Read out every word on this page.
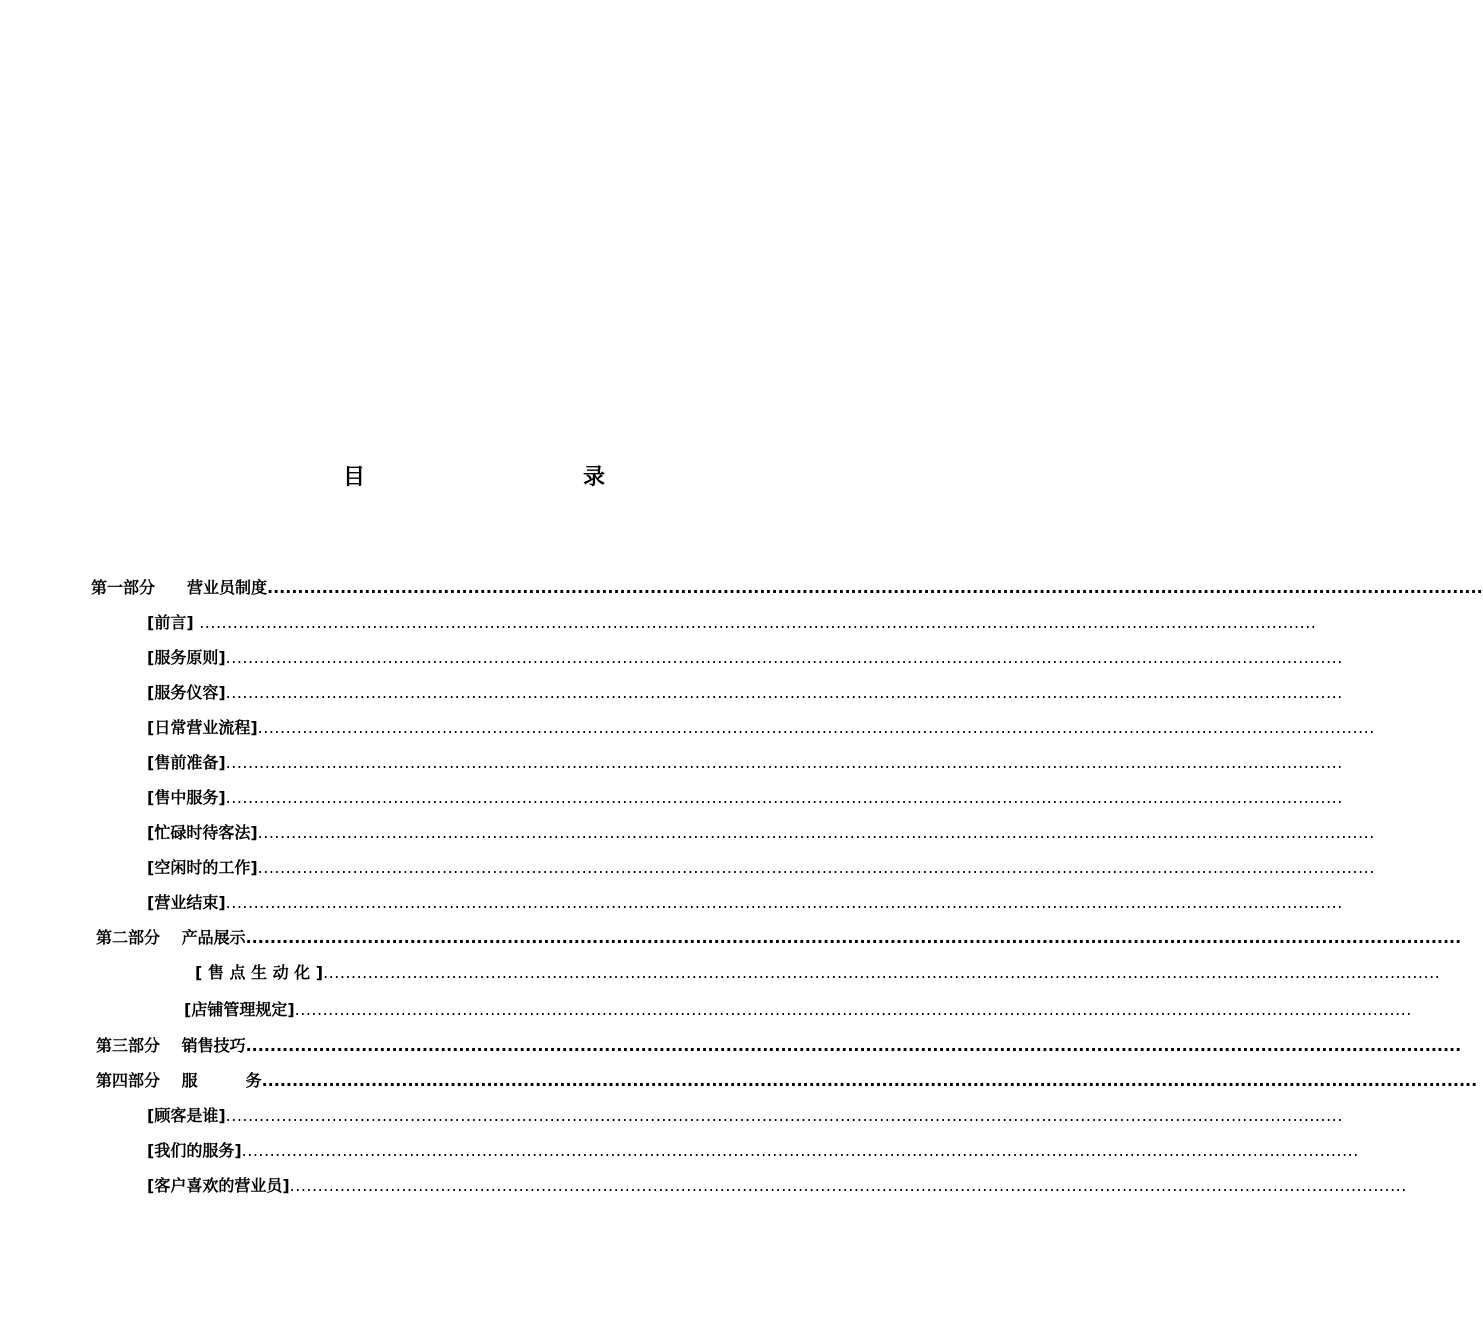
目	录
第一部分　　营业员制度 ........................................................................................................................................................................................................
[前言] ........................................................................................................................................................................................................
[服务原则] ........................................................................................................................................................................................................
[服务仪容] ........................................................................................................................................................................................................
[日常营业流程] ........................................................................................................................................................................................................
[售前准备] ........................................................................................................................................................................................................
[售中服务] ........................................................................................................................................................................................................
[忙碌时待客法] ........................................................................................................................................................................................................
[空闲时的工作] ........................................................................................................................................................................................................
[营业结束] ........................................................................................................................................................................................................
第二部分　 产品展示 ........................................................................................................................................................................................................
[ 售 点 生 动 化 ] ........................................................................................................................................................................................................
[店铺管理规定] ........................................................................................................................................................................................................
第三部分　 销售技巧 ........................................................................................................................................................................................................
第四部分　 服　　　务 ........................................................................................................................................................................................................
[顾客是谁] ........................................................................................................................................................................................................
[我们的服务] ........................................................................................................................................................................................................
[客户喜欢的营业员] ........................................................................................................................................................................................................
